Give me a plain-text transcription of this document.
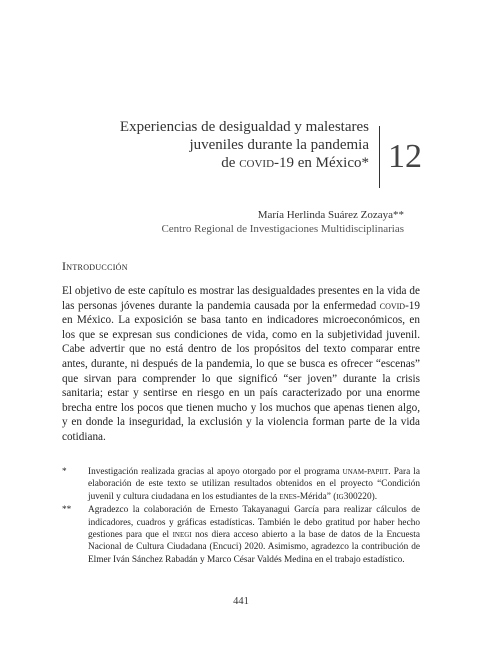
Experiencias de desigualdad y malestares
juveniles durante la pandemia
de covid-19 en México* 12
María Herlinda Suárez Zozaya**
Centro Regional de Investigaciones Multidisciplinarias
Introducción

El objetivo de este capítulo es mostrar las desigualdades presentes en la vida de las personas jóvenes durante la pandemia causada por la enfermedad covid-19 en México. La exposición se basa tanto en indicadores microeconómicos, en los que se expresan sus condiciones de vida, como en la subjetividad juvenil. Cabe advertir que no está dentro de los propósitos del texto comparar entre antes, durante, ni después de la pandemia, lo que se busca es ofrecer “escenas” que sirvan para comprender lo que significó “ser joven” durante la crisis sanitaria; estar y sentirse en riesgo en un país caracterizado por una enorme brecha entre los pocos que tienen mucho y los muchos que apenas tienen algo, y en donde la inseguridad, la exclusión y la violencia forman parte de la vida cotidiana.

*	Investigación realizada gracias al apoyo otorgado por el programa unam-papiit. Para la elaboración de este texto se utilizan resultados obtenidos en el proyecto “Condición juvenil y cultura ciudadana en los estudiantes de la enes-Mérida” (ig300220).
**	Agradezco la colaboración de Ernesto Takayanagui García para realizar cálculos de indicadores, cuadros y gráficas estadísticas. También le debo gratitud por haber hecho gestiones para que el inegi nos diera acceso abierto a la base de datos de la Encuesta Nacional de Cultura Ciudadana (Encuci) 2020. Asimismo, agradezco la contribución de Elmer Iván Sánchez Rabadán y Marco César Valdés Medina en el trabajo estadístico.
441
